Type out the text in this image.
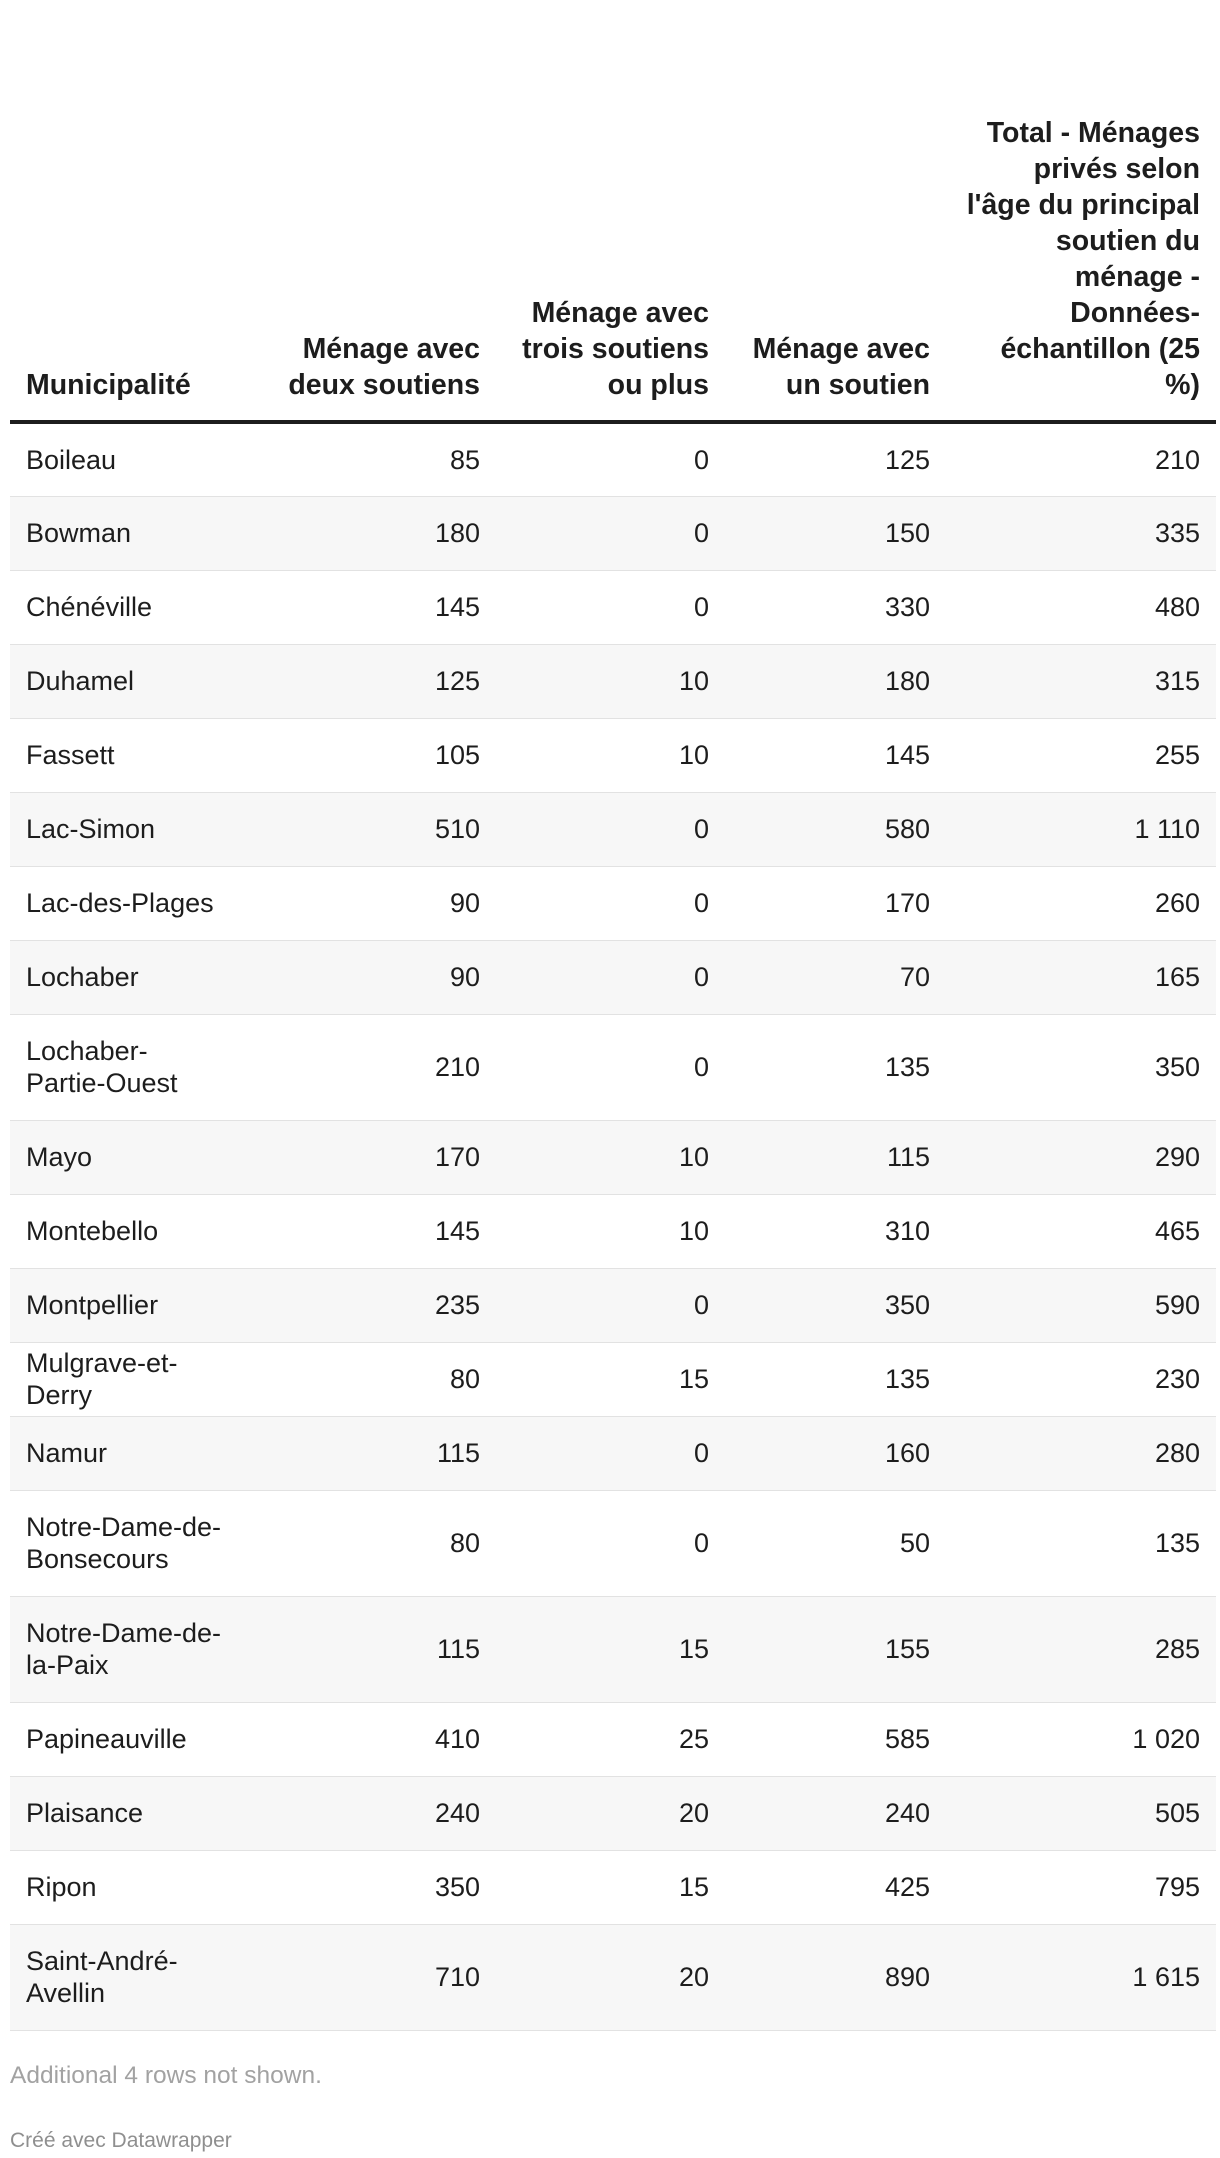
Municipalité	Ménage avec deux soutiens	Ménage avec trois soutiens ou plus	Ménage avec un soutien	Total - Ménages privés selon l'âge du principal soutien du ménage - Données-échantillon (25 %)
Boileau	85	0	125	210
Bowman	180	0	150	335
Chénéville	145	0	330	480
Duhamel	125	10	180	315
Fassett	105	10	145	255
Lac-Simon	510	0	580	1 110
Lac-des-Plages	90	0	170	260
Lochaber	90	0	70	165
Lochaber-Partie-Ouest	210	0	135	350
Mayo	170	10	115	290
Montebello	145	10	310	465
Montpellier	235	0	350	590
Mulgrave-et-Derry	80	15	135	230
Namur	115	0	160	280
Notre-Dame-de-Bonsecours	80	0	50	135
Notre-Dame-de-la-Paix	115	15	155	285
Papineauville	410	25	585	1 020
Plaisance	240	20	240	505
Ripon	350	15	425	795
Saint-André-Avellin	710	20	890	1 615
Additional 4 rows not shown.
Créé avec Datawrapper
